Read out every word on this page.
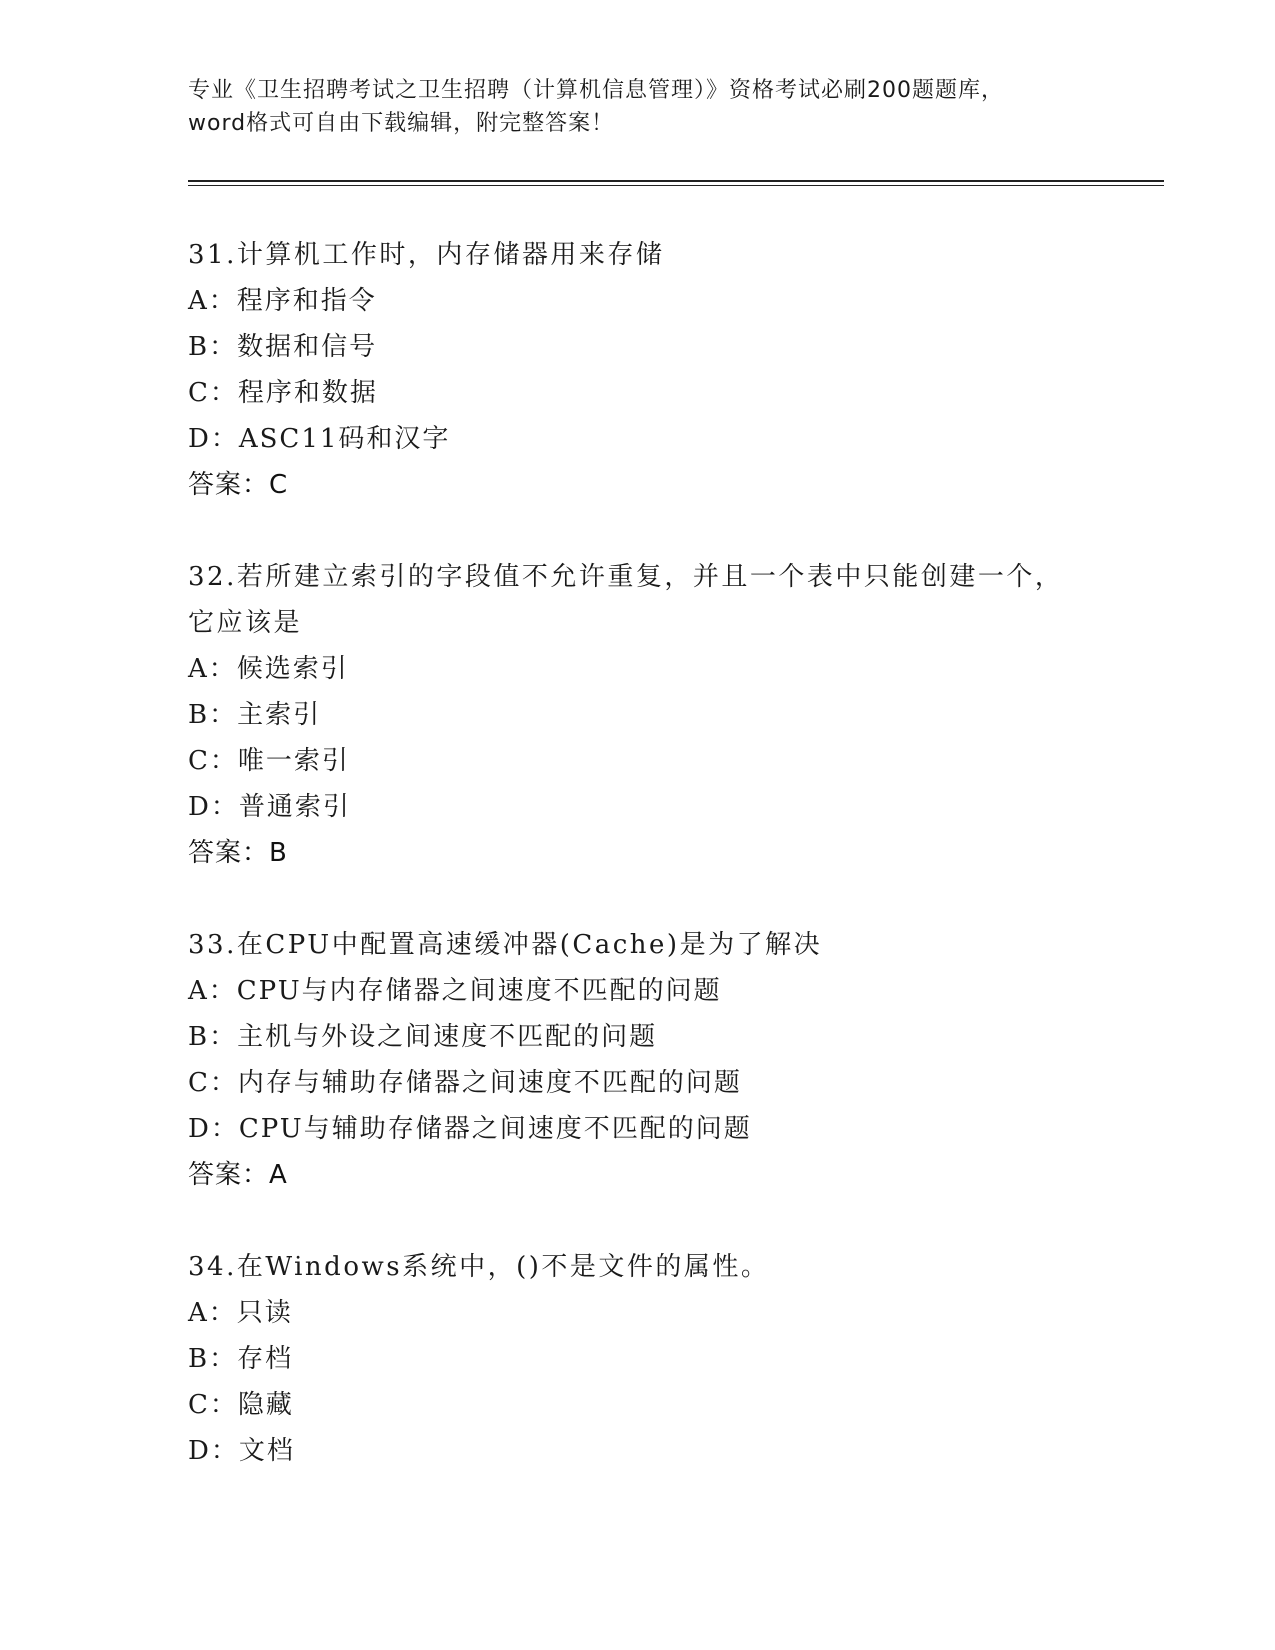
专业《卫生招聘考试之卫生招聘（计算机信息管理）》资格考试必刷200题题库，

word格式可自由下载编辑，附完整答案！

31.计算机工作时，内存储器用来存储

A：程序和指令

B：数据和信号

C：程序和数据

D：ASC11码和汉字

答案：C

32.若所建立索引的字段值不允许重复，并且一个表中只能创建一个，

它应该是

A：候选索引

B：主索引

C：唯一索引

D：普通索引

答案：B

33.在CPU中配置高速缓冲器(Cache)是为了解决

A：CPU与内存储器之间速度不匹配的问题

B：主机与外设之间速度不匹配的问题

C：内存与辅助存储器之间速度不匹配的问题

D：CPU与辅助存储器之间速度不匹配的问题

答案：A

34.在Windows系统中，()不是文件的属性。

A：只读

B：存档

C：隐藏

D：文档
